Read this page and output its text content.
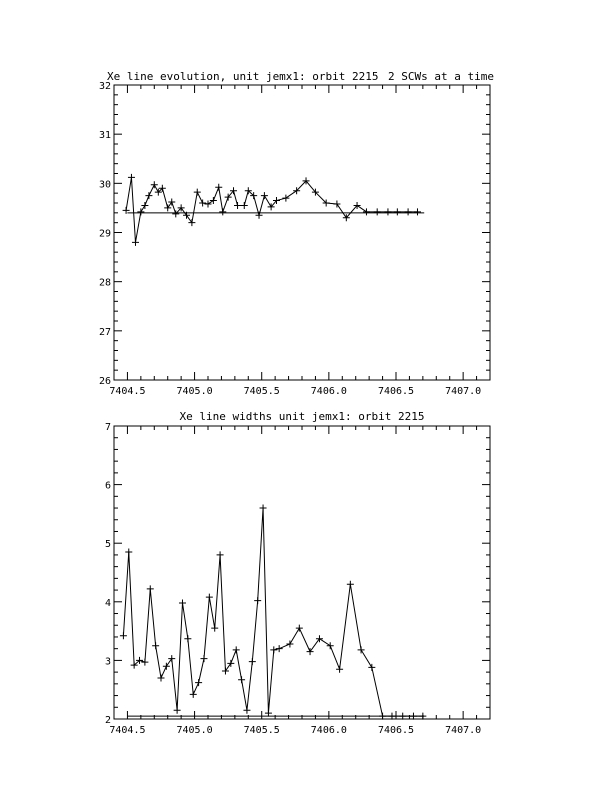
Xe line evolution, unit jemx1: orbit 2215 2 SCWs at a time
26
27
28
29
30
31
32
7404.5	7405.0	7405.5	7406.0	7406.5	7407.0
Xe line widths unit jemx1: orbit 2215
2
3
4
5
6
7
7404.5	7405.0	7405.5	7406.0	7406.5	7407.0
